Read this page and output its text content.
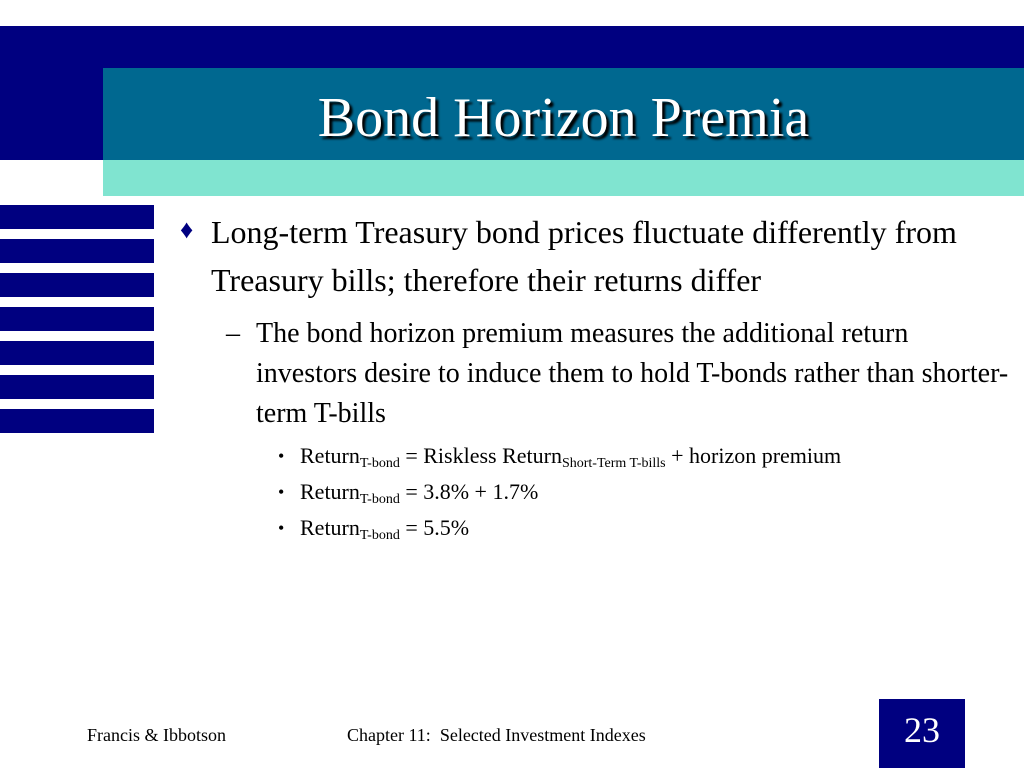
Bond Horizon Premia
♦ Long-term Treasury bond prices fluctuate differently from Treasury bills; therefore their returns differ
– The bond horizon premium measures the additional return investors desire to induce them to hold T-bonds rather than shorter-term T-bills
• Return$_{T-bond}$ = Riskless Return$_{Short-Term T-bills}$ + horizon premium
• Return$_{T-bond}$ = 3.8% + 1.7%
• Return$_{T-bond}$ = 5.5%
Francis & Ibbotson	Chapter 11:  Selected Investment Indexes	23
